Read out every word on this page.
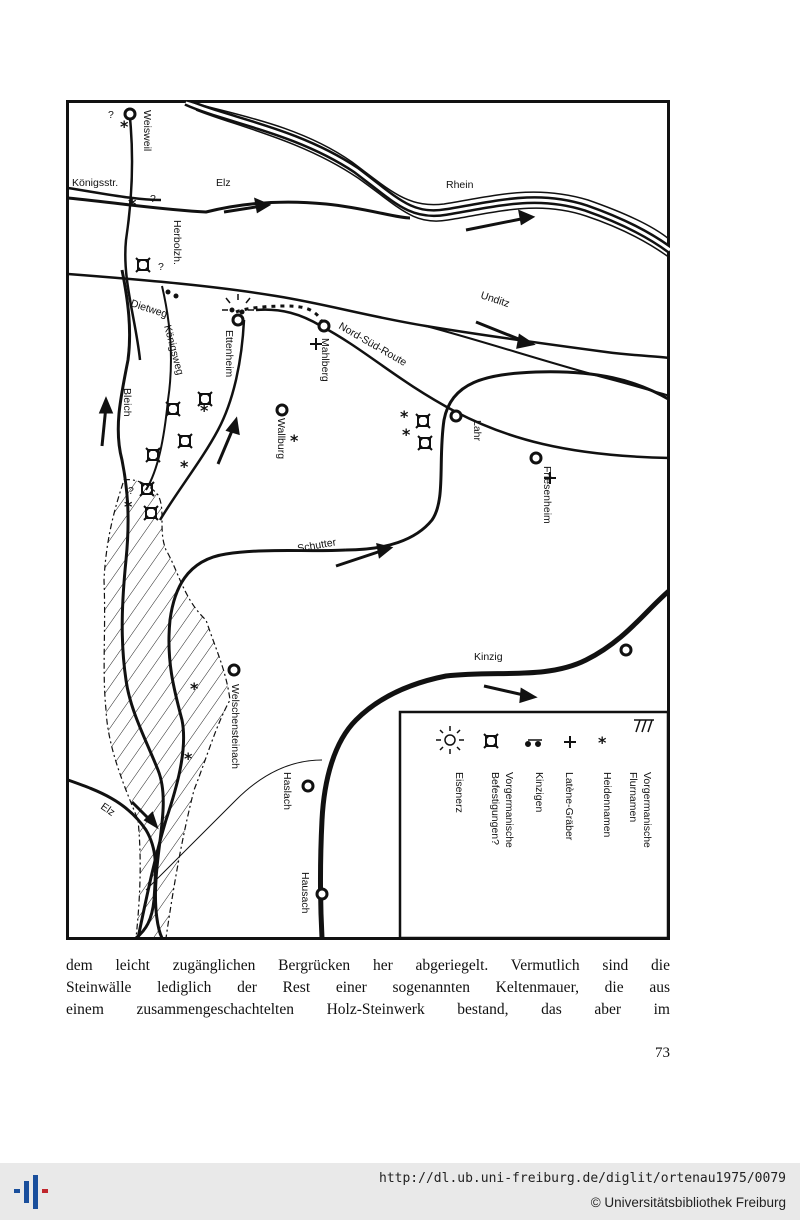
*
*
*
*
*
*
*
*
*
*
?
?
?
?
Weisweil
Herbolzh.
Königsweg	Ettenheim	Mahlberg
Wallburg	Lahr
Friesenheim
Bleich
Welschensteinach
Haslach
Hausach
Königsstr.
Dietweg
Elz	Rhein
Unditz
Nord-Süd-Route
Schutter
Kinzig
Elz
*
Vorgermanische
Flurnamen
Heidennamen
Latène-Gräber
Kinzigen
Vorgermanische
Befestigungen?
Eisenerz
dem leicht zugänglichen Bergrücken her abgeriegelt. Vermutlich sind die
Steinwälle lediglich der Rest einer sogenannten Keltenmauer, die aus
einem zusammengeschachtelten Holz-Steinwerk bestand, das aber im
73
http://dl.ub.uni-freiburg.de/diglit/ortenau1975/0079
© Universitätsbibliothek Freiburg
